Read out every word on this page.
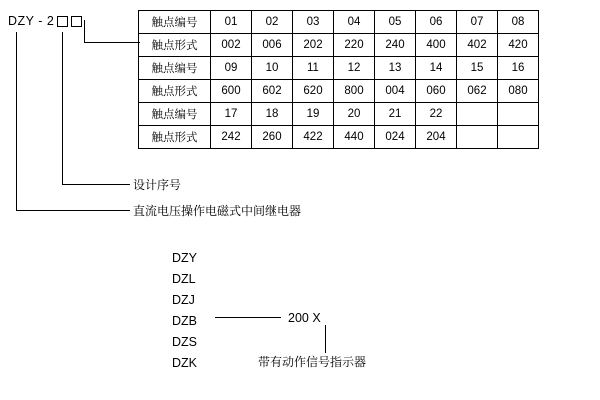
DZY - 2
设计序号
直流电压操作电磁式中间继电器
触点编号	01	02	03	04	05	06	07	08
触点形式	002	006	202	220	240	400	402	420
触点编号	09	10	11	12	13	14	15	16
触点形式	600	602	620	800	004	060	062	080
触点编号	17	18	19	20	21	22		
触点形式	242	260	422	440	024	204		
DZY
DZL
DZJ
DZB
DZS
DZK
200 X
带有动作信号指示器
